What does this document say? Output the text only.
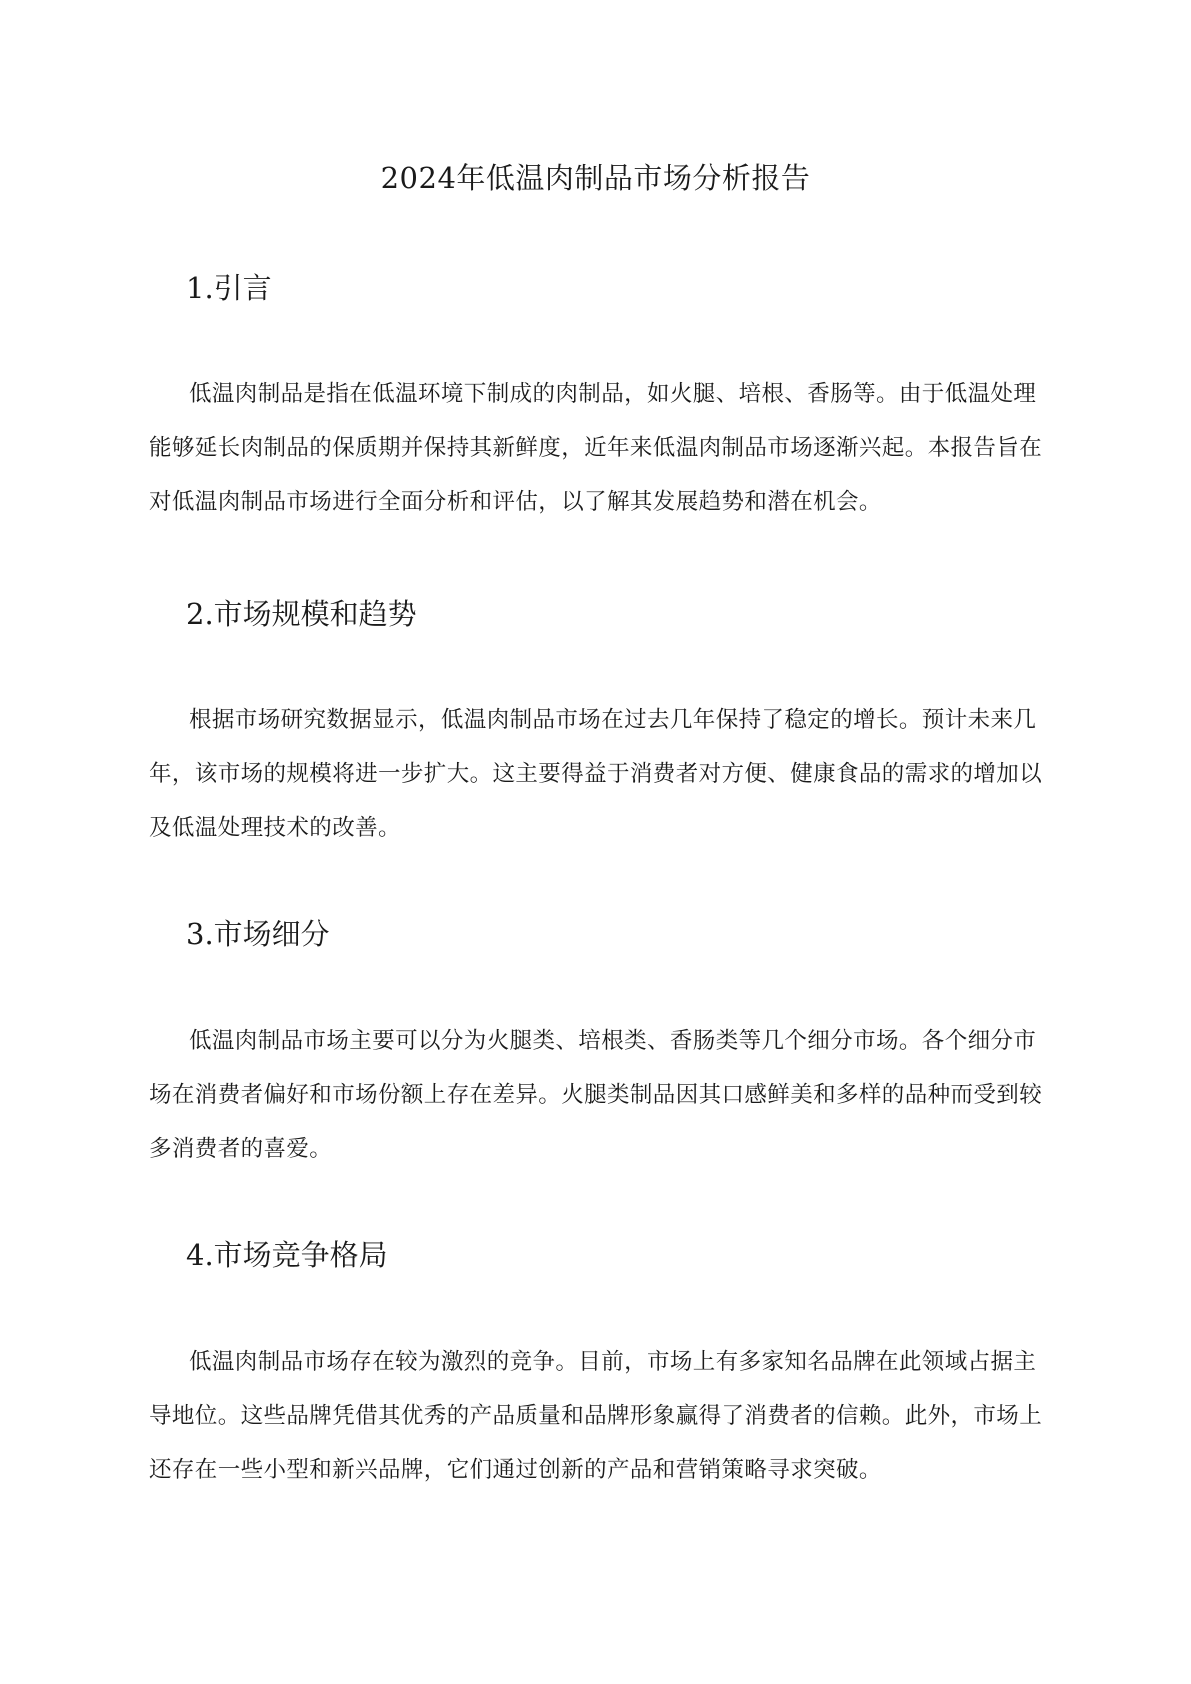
2024年低温肉制品市场分析报告
1.引言

低温肉制品是指在低温环境下制成的肉制品，如火腿、培根、香肠等。由于低温处理能够延长肉制品的保质期并保持其新鲜度，近年来低温肉制品市场逐渐兴起。本报告旨在对低温肉制品市场进行全面分析和评估，以了解其发展趋势和潜在机会。

2.市场规模和趋势

根据市场研究数据显示，低温肉制品市场在过去几年保持了稳定的增长。预计未来几年，该市场的规模将进一步扩大。这主要得益于消费者对方便、健康食品的需求的增加以及低温处理技术的改善。

3.市场细分

低温肉制品市场主要可以分为火腿类、培根类、香肠类等几个细分市场。各个细分市场在消费者偏好和市场份额上存在差异。火腿类制品因其口感鲜美和多样的品种而受到较多消费者的喜爱。

4.市场竞争格局

低温肉制品市场存在较为激烈的竞争。目前，市场上有多家知名品牌在此领域占据主导地位。这些品牌凭借其优秀的产品质量和品牌形象赢得了消费者的信赖。此外，市场上还存在一些小型和新兴品牌，它们通过创新的产品和营销策略寻求突破。
